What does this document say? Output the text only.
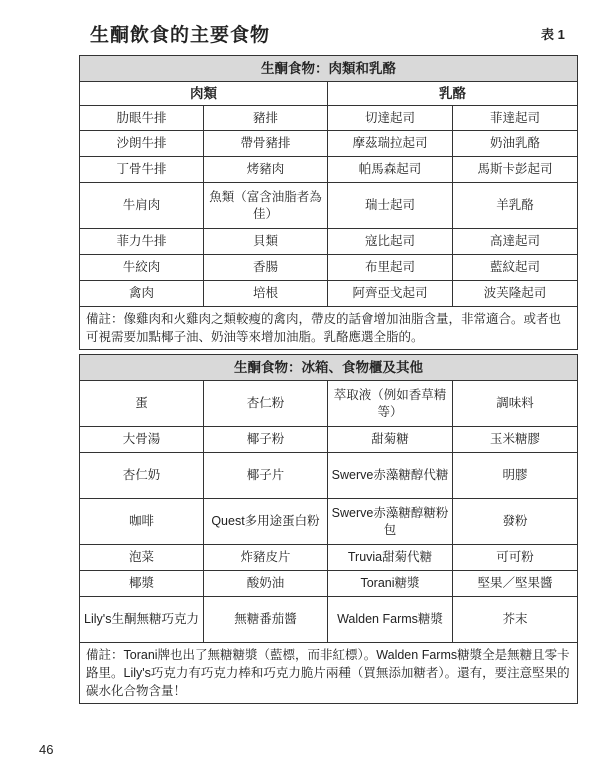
生酮飲食的主要食物	表 1
生酮食物：肉類和乳酪			
肉類		乳酪	
肋眼牛排	豬排	切達起司	菲達起司
沙朗牛排	帶骨豬排	摩茲瑞拉起司	奶油乳酪
丁骨牛排	烤豬肉	帕馬森起司	馬斯卡彭起司
牛肩肉	魚類（富含油脂者為佳）	瑞士起司	羊乳酪
菲力牛排	貝類	寇比起司	高達起司
牛絞肉	香腸	布里起司	藍紋起司
禽肉	培根	阿齊亞戈起司	波芙隆起司
備註：像雞肉和火雞肉之類較瘦的禽肉，帶皮的話會增加油脂含量，非常適合。或者也可視需要加點椰子油、奶油等來增加油脂。乳酪應選全脂的。			
生酮食物：冰箱、食物櫃及其他			
蛋	杏仁粉	萃取液（例如香草精等）	調味料
大骨湯	椰子粉	甜菊糖	玉米糖膠
杏仁奶	椰子片	Swerve赤藻糖醇代糖	明膠
咖啡	Quest多用途蛋白粉	Swerve赤藻糖醇糖粉包	發粉
泡菜	炸豬皮片	Truvia甜菊代糖	可可粉
椰漿	酸奶油	Torani糖漿	堅果／堅果醬
Lily's生酮無糖巧克力	無糖番茄醬	Walden Farms糖漿	芥末
備註：Torani牌也出了無糖糖漿（藍標，而非紅標）。Walden Farms糖漿全是無糖且零卡路里。Lily's巧克力有巧克力棒和巧克力脆片兩種（買無添加糖者）。還有，要注意堅果的碳水化合物含量！			
46
